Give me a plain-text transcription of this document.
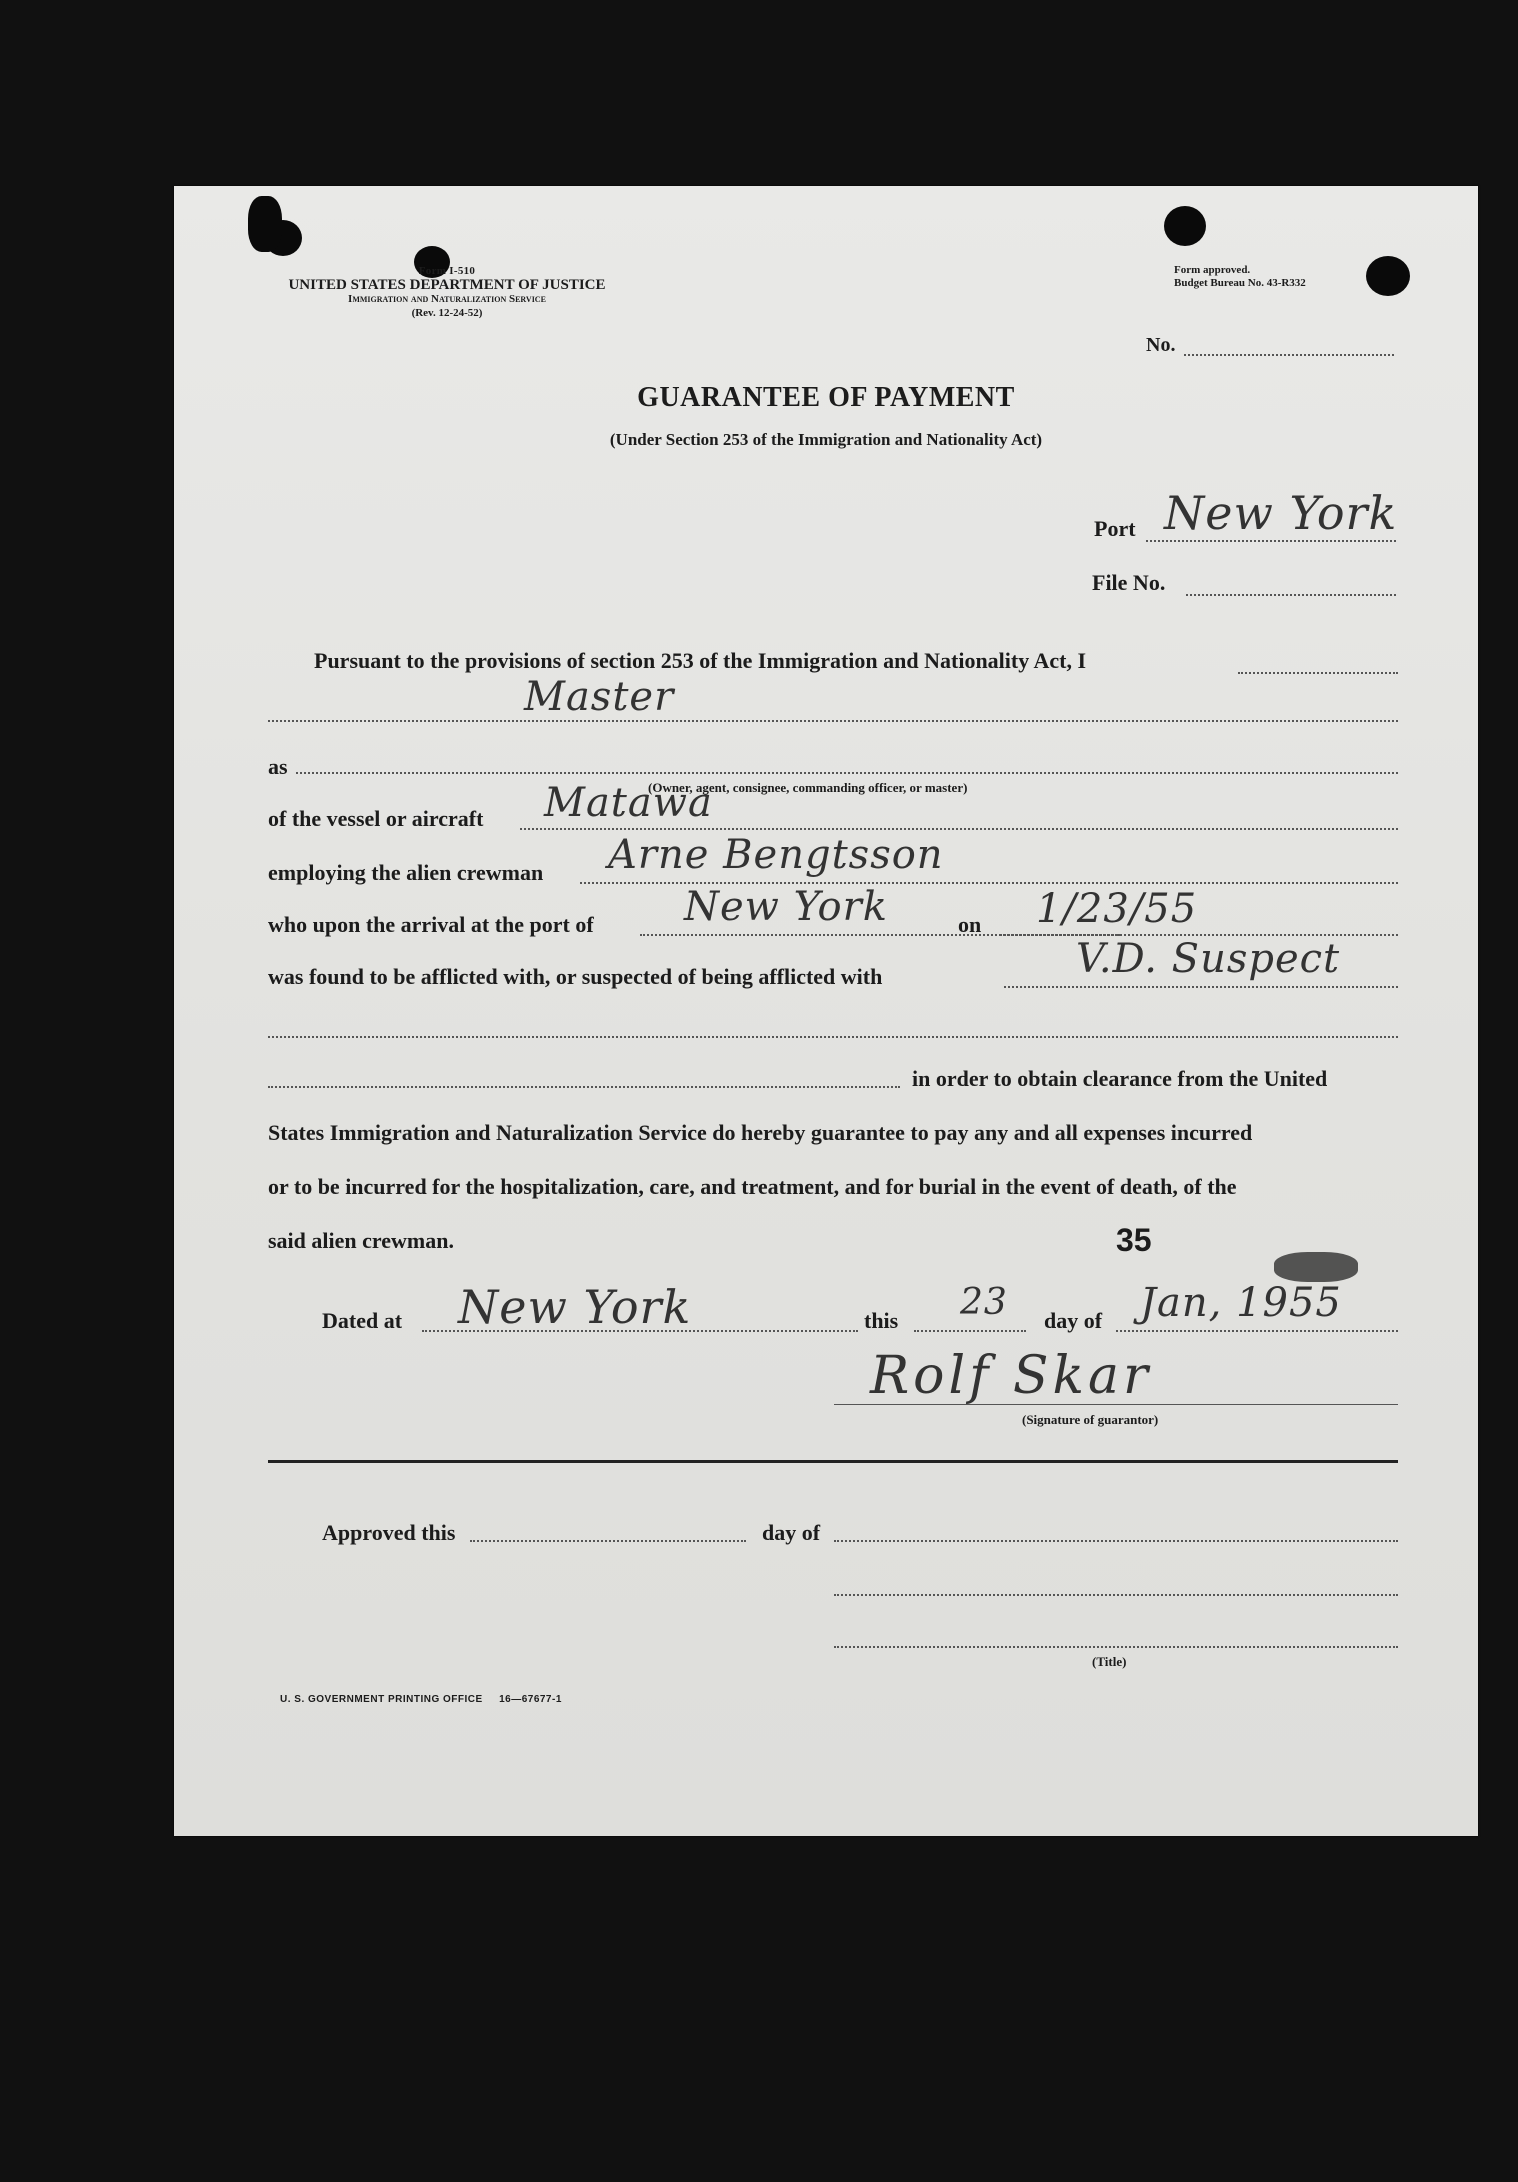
Form I-510
UNITED STATES DEPARTMENT OF JUSTICE
Immigration and Naturalization Service
(Rev. 12-24-52)
Form approved.
Budget Bureau No. 43-R332
No.
GUARANTEE OF PAYMENT
(Under Section 253 of the Immigration and Nationality Act)
Port New York
File No.
Pursuant to the provisions of section 253 of the Immigration and Nationality Act, I
Master
as
(Owner, agent, consignee, commanding officer, or master)
of the vessel or aircraft Matawa
employing the alien crewman Arne Bengtsson
who upon the arrival at the port of New York	on 1/23/55
was found to be afflicted with, or suspected of being afflicted with	V.D. Suspect
in order to obtain clearance from the United
States Immigration and Naturalization Service do hereby guarantee to pay any and all expenses incurred
or to be incurred for the hospitalization, care, and treatment, and for burial in the event of death, of the
said alien crewman.	35
Dated at New York	this 23 day of Jan, 1955
Rolf Skar
(Signature of guarantor)
Approved this	day of
(Title)
U. S. GOVERNMENT PRINTING OFFICE     16—67677-1
